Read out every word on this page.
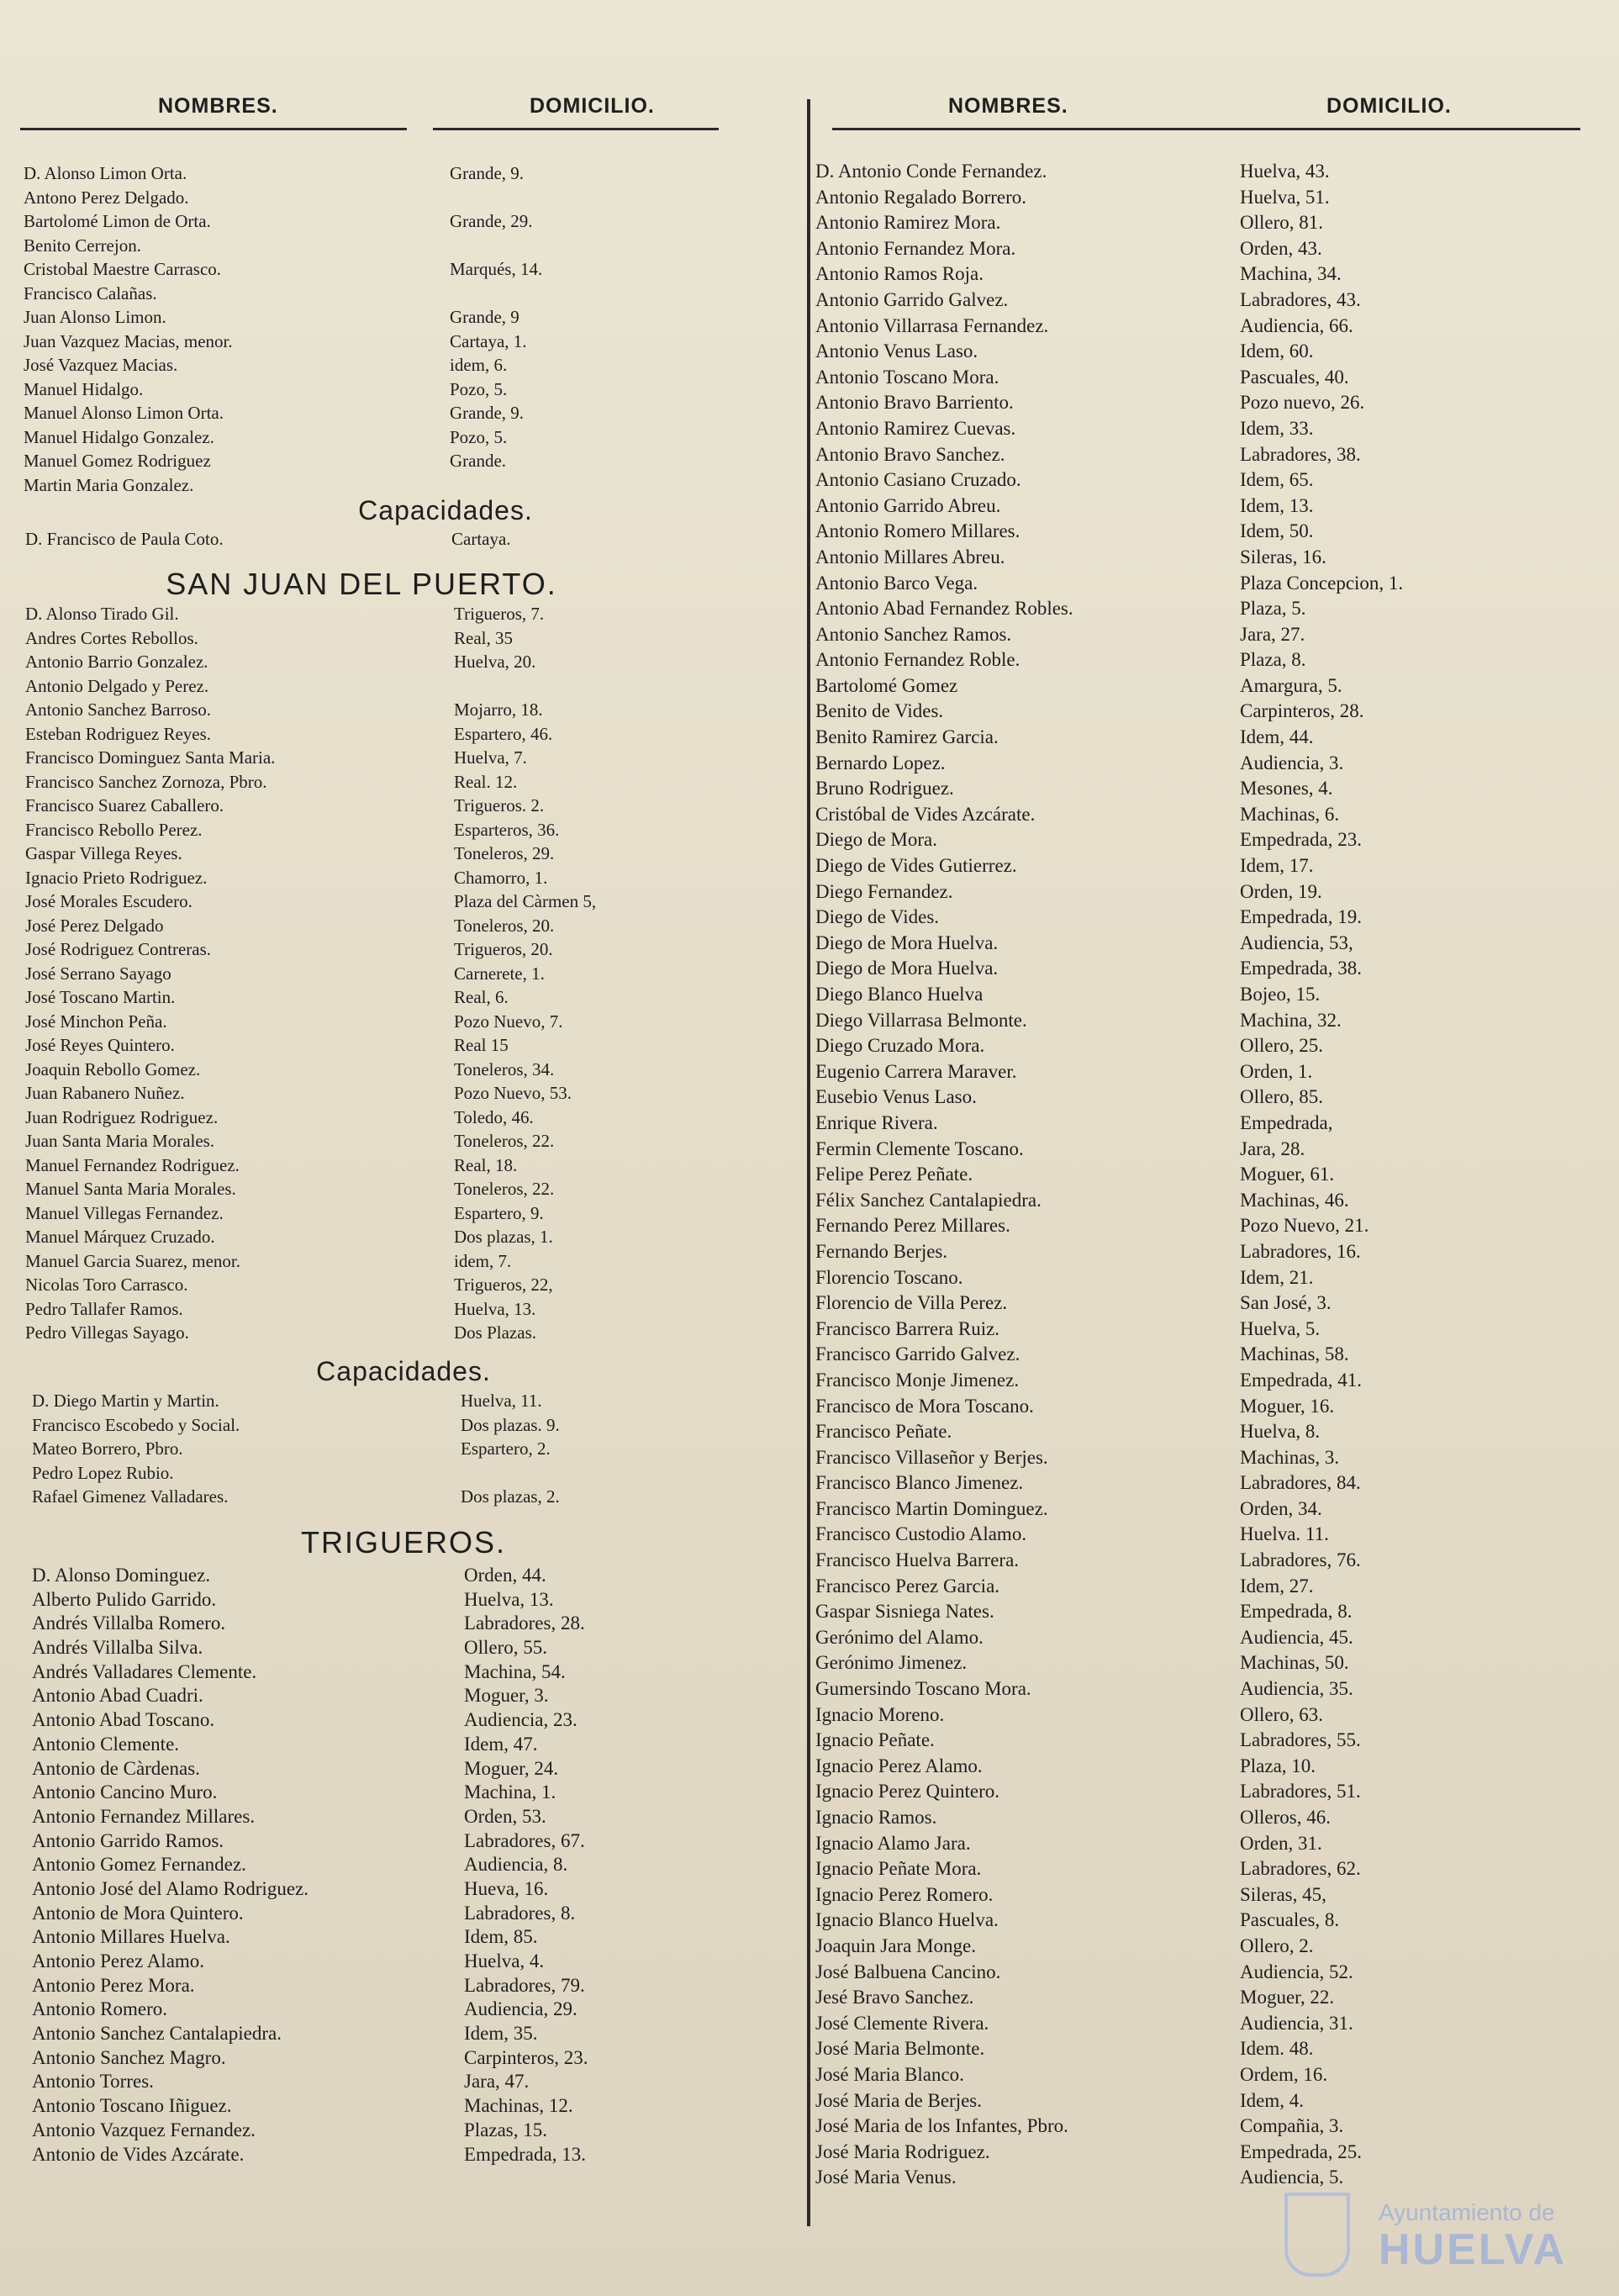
NOMBRES.	DOMICILIO.
D. Alonso Limon Orta.	Grande, 9.
Antono Perez Delgado.
Bartolomé Limon de Orta.	Grande, 29.
Benito Cerrejon.
Cristobal Maestre Carrasco.	Marqués, 14.
Francisco Calañas.
Juan Alonso Limon.	Grande, 9
Juan Vazquez Macias, menor.	Cartaya, 1.
José Vazquez Macias.	idem, 6.
Manuel Hidalgo.	Pozo, 5.
Manuel Alonso Limon Orta.	Grande, 9.
Manuel Hidalgo Gonzalez.	Pozo, 5.
Manuel Gomez Rodriguez	Grande.
Martin Maria Gonzalez.
Capacidades.
D. Francisco de Paula Coto.	Cartaya.
SAN JUAN DEL PUERTO.
D. Alonso Tirado Gil.	Trigueros, 7.
Andres Cortes Rebollos.	Real, 35
Antonio Barrio Gonzalez.	Huelva, 20.
Antonio Delgado y Perez.
Antonio Sanchez Barroso.	Mojarro, 18.
Esteban Rodriguez Reyes.	Espartero, 46.
Francisco Dominguez Santa Maria.	Huelva, 7.
Francisco Sanchez Zornoza, Pbro.	Real. 12.
Francisco Suarez Caballero.	Trigueros. 2.
Francisco Rebollo Perez.	Esparteros, 36.
Gaspar Villega Reyes.	Toneleros, 29.
Ignacio Prieto Rodriguez.	Chamorro, 1.
José Morales Escudero.	Plaza del Càrmen 5,
José Perez Delgado	Toneleros, 20.
José Rodriguez Contreras.	Trigueros, 20.
José Serrano Sayago	Carnerete, 1.
José Toscano Martin.	Real, 6.
José Minchon Peña.	Pozo Nuevo, 7.
José Reyes Quintero.	Real 15
Joaquin Rebollo Gomez.	Toneleros, 34.
Juan Rabanero Nuñez.	Pozo Nuevo, 53.
Juan Rodriguez Rodriguez.	Toledo, 46.
Juan Santa Maria Morales.	Toneleros, 22.
Manuel Fernandez Rodriguez.	Real, 18.
Manuel Santa Maria Morales.	Toneleros, 22.
Manuel Villegas Fernandez.	Espartero, 9.
Manuel Márquez Cruzado.	Dos plazas, 1.
Manuel Garcia Suarez, menor.	idem, 7.
Nicolas Toro Carrasco.	Trigueros, 22,
Pedro Tallafer Ramos.	Huelva, 13.
Pedro Villegas Sayago.	Dos Plazas.
Capacidades.
D. Diego Martin y Martin.	Huelva, 11.
Francisco Escobedo y Social.	Dos plazas. 9.
Mateo Borrero, Pbro.	Espartero, 2.
Pedro Lopez Rubio.
Rafael Gimenez Valladares.	Dos plazas, 2.
TRIGUEROS.
D. Alonso Dominguez.	Orden, 44.
Alberto Pulido Garrido.	Huelva, 13.
Andrés Villalba Romero.	Labradores, 28.
Andrés Villalba Silva.	Ollero, 55.
Andrés Valladares Clemente.	Machina, 54.
Antonio Abad Cuadri.	Moguer, 3.
Antonio Abad Toscano.	Audiencia, 23.
Antonio Clemente.	Idem, 47.
Antonio de Càrdenas.	Moguer, 24.
Antonio Cancino Muro.	Machina, 1.
Antonio Fernandez Millares.	Orden, 53.
Antonio Garrido Ramos.	Labradores, 67.
Antonio Gomez Fernandez.	Audiencia, 8.
Antonio José del Alamo Rodriguez.	Hueva, 16.
Antonio de Mora Quintero.	Labradores, 8.
Antonio Millares Huelva.	Idem, 85.
Antonio Perez Alamo.	Huelva, 4.
Antonio Perez Mora.	Labradores, 79.
Antonio Romero.	Audiencia, 29.
Antonio Sanchez Cantalapiedra.	Idem, 35.
Antonio Sanchez Magro.	Carpinteros, 23.
Antonio Torres.	Jara, 47.
Antonio Toscano Iñiguez.	Machinas, 12.
Antonio Vazquez Fernandez.	Plazas, 15.
Antonio de Vides Azcárate.	Empedrada, 13.
NOMBRES.	DOMICILIO.
D. Antonio Conde Fernandez.	Huelva, 43.
Antonio Regalado Borrero.	Huelva, 51.
Antonio Ramirez Mora.	Ollero, 81.
Antonio Fernandez Mora.	Orden, 43.
Antonio Ramos Roja.	Machina, 34.
Antonio Garrido Galvez.	Labradores, 43.
Antonio Villarrasa Fernandez.	Audiencia, 66.
Antonio Venus Laso.	Idem, 60.
Antonio Toscano Mora.	Pascuales, 40.
Antonio Bravo Barriento.	Pozo nuevo, 26.
Antonio Ramirez Cuevas.	Idem, 33.
Antonio Bravo Sanchez.	Labradores, 38.
Antonio Casiano Cruzado.	Idem, 65.
Antonio Garrido Abreu.	Idem, 13.
Antonio Romero Millares.	Idem, 50.
Antonio Millares Abreu.	Sileras, 16.
Antonio Barco Vega.	Plaza Concepcion, 1.
Antonio Abad Fernandez Robles.	Plaza, 5.
Antonio Sanchez Ramos.	Jara, 27.
Antonio Fernandez Roble.	Plaza, 8.
Bartolomé Gomez	Amargura, 5.
Benito de Vides.	Carpinteros, 28.
Benito Ramirez Garcia.	Idem, 44.
Bernardo Lopez.	Audiencia, 3.
Bruno Rodriguez.	Mesones, 4.
Cristóbal de Vides Azcárate.	Machinas, 6.
Diego de Mora.	Empedrada, 23.
Diego de Vides Gutierrez.	Idem, 17.
Diego Fernandez.	Orden, 19.
Diego de Vides.	Empedrada, 19.
Diego de Mora Huelva.	Audiencia, 53,
Diego de Mora Huelva.	Empedrada, 38.
Diego Blanco Huelva	Bojeo, 15.
Diego Villarrasa Belmonte.	Machina, 32.
Diego Cruzado Mora.	Ollero, 25.
Eugenio Carrera Maraver.	Orden, 1.
Eusebio Venus Laso.	Ollero, 85.
Enrique Rivera.	Empedrada,
Fermin Clemente Toscano.	Jara, 28.
Felipe Perez Peñate.	Moguer, 61.
Félix Sanchez Cantalapiedra.	Machinas, 46.
Fernando Perez Millares.	Pozo Nuevo, 21.
Fernando Berjes.	Labradores, 16.
Florencio Toscano.	Idem, 21.
Florencio de Villa Perez.	San José, 3.
Francisco Barrera Ruiz.	Huelva, 5.
Francisco Garrido Galvez.	Machinas, 58.
Francisco Monje Jimenez.	Empedrada, 41.
Francisco de Mora Toscano.	Moguer, 16.
Francisco Peñate.	Huelva, 8.
Francisco Villaseñor y Berjes.	Machinas, 3.
Francisco Blanco Jimenez.	Labradores, 84.
Francisco Martin Dominguez.	Orden, 34.
Francisco Custodio Alamo.	Huelva. 11.
Francisco Huelva Barrera.	Labradores, 76.
Francisco Perez Garcia.	Idem, 27.
Gaspar Sisniega Nates.	Empedrada, 8.
Gerónimo del Alamo.	Audiencia, 45.
Gerónimo Jimenez.	Machinas, 50.
Gumersindo Toscano Mora.	Audiencia, 35.
Ignacio Moreno.	Ollero, 63.
Ignacio Peñate.	Labradores, 55.
Ignacio Perez Alamo.	Plaza, 10.
Ignacio Perez Quintero.	Labradores, 51.
Ignacio Ramos.	Olleros, 46.
Ignacio Alamo Jara.	Orden, 31.
Ignacio Peñate Mora.	Labradores, 62.
Ignacio Perez Romero.	Sileras, 45,
Ignacio Blanco Huelva.	Pascuales, 8.
Joaquin Jara Monge.	Ollero, 2.
José Balbuena Cancino.	Audiencia, 52.
Jesé Bravo Sanchez.	Moguer, 22.
José Clemente Rivera.	Audiencia, 31.
José Maria Belmonte.	Idem. 48.
José Maria Blanco.	Ordem, 16.
José Maria de Berjes.	Idem, 4.
José Maria de los Infantes, Pbro.	Compañia, 3.
José Maria Rodriguez.	Empedrada, 25.
José Maria Venus.	Audiencia, 5.
Ayuntamiento de
HUELVA
